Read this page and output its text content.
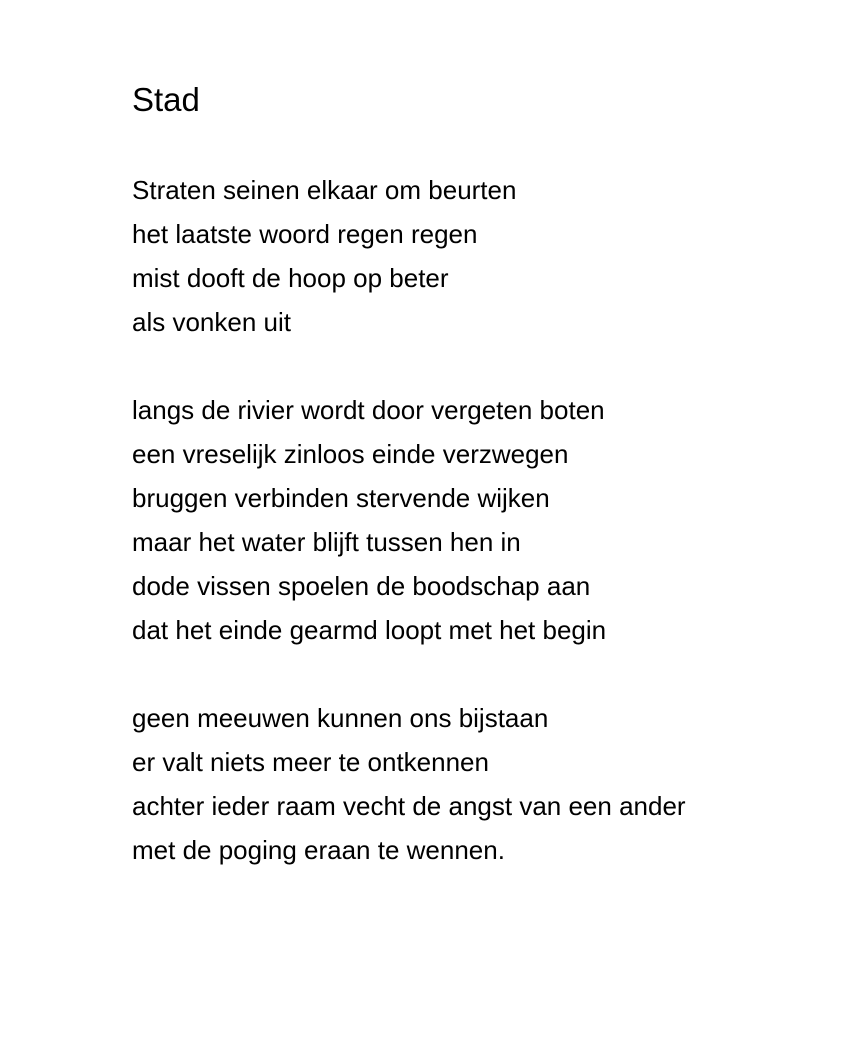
Stad
Straten seinen elkaar om beurten
het laatste woord regen regen
mist dooft de hoop op beter
als vonken uit
langs de rivier wordt door vergeten boten
een vreselijk zinloos einde verzwegen
bruggen verbinden stervende wijken
maar het water blijft tussen hen in
dode vissen spoelen de boodschap aan
dat het einde gearmd loopt met het begin
geen meeuwen kunnen ons bijstaan
er valt niets meer te ontkennen
achter ieder raam vecht de angst van een ander
met de poging eraan te wennen.
